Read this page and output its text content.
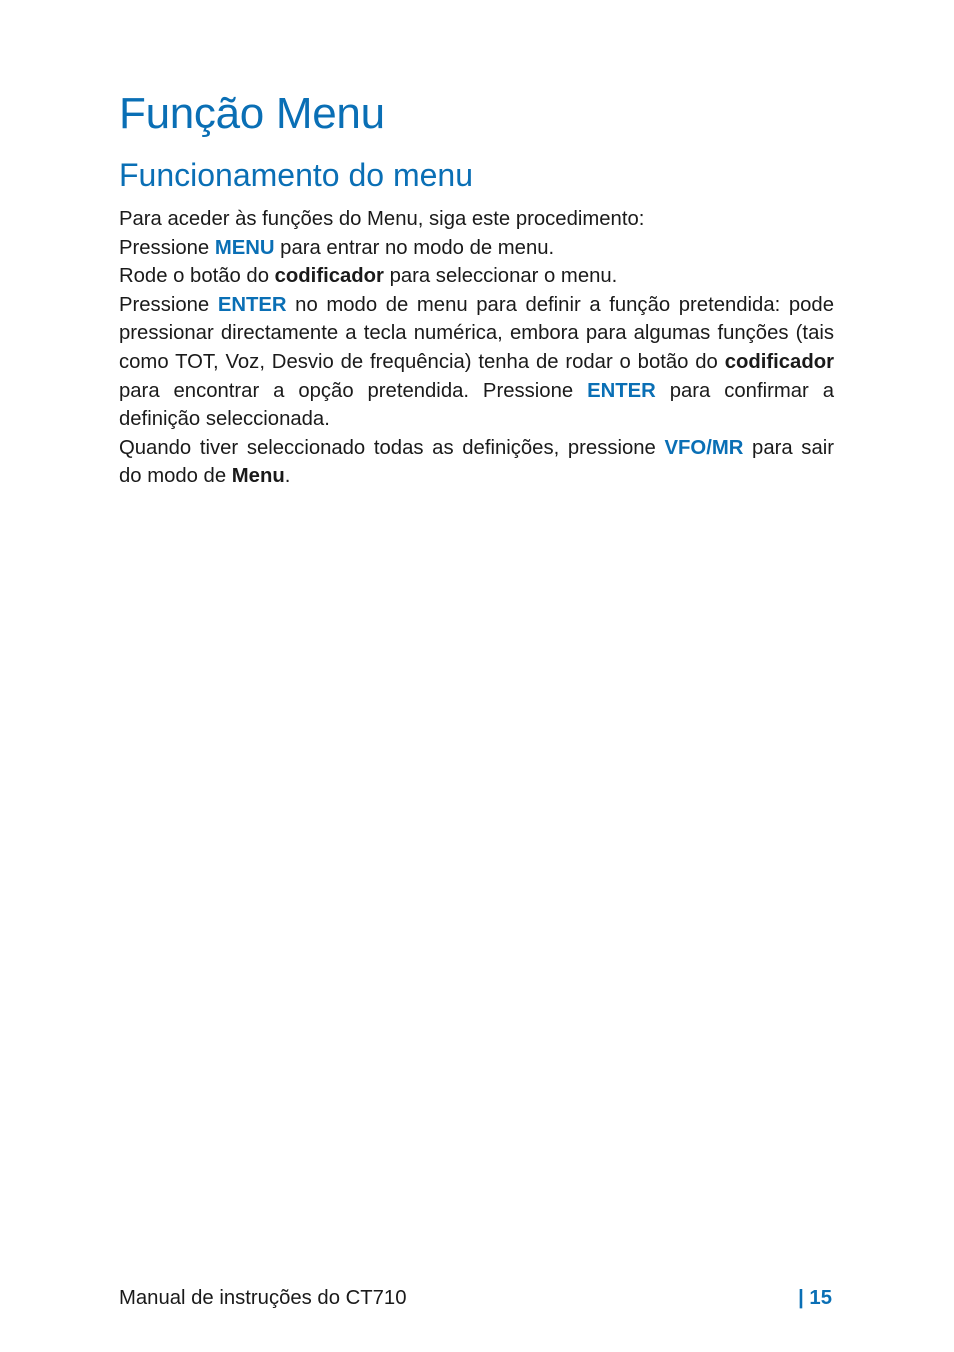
Função Menu
Funcionamento do menu

Para aceder às funções do Menu, siga este procedimento:

Pressione MENU para entrar no modo de menu.

Rode o botão do codificador para seleccionar o menu.

Pressione ENTER no modo de menu para definir a função pretendida: pode pressionar directamente a tecla numérica, embora para algumas funções (tais como TOT, Voz, Desvio de frequência) tenha de rodar o botão do codificador para encontrar a opção pretendida. Pressione ENTER para confirmar a definição seleccionada.

Quando tiver seleccionado todas as definições, pressione VFO/MR para sair do modo de Menu.

Manual de instruções do CT710	| 15
